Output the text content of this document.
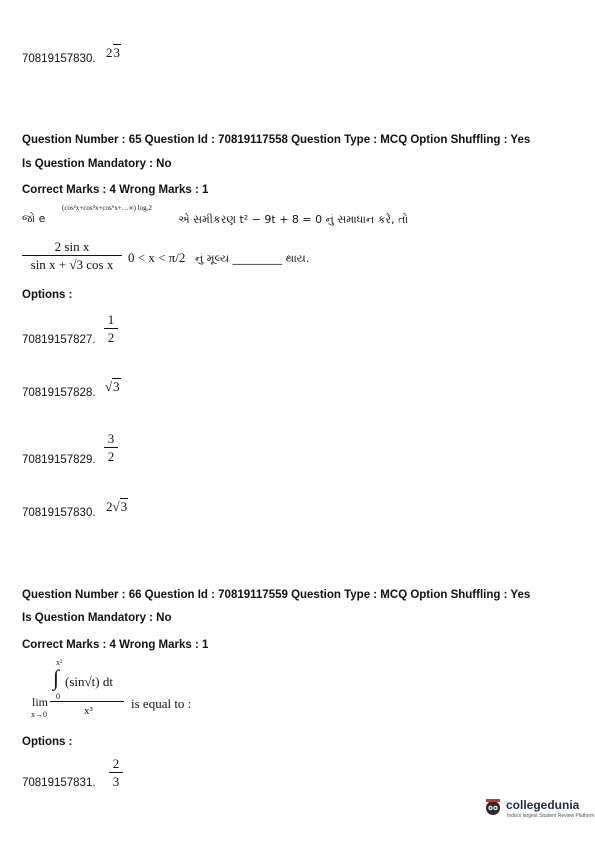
70819157830. 23
Question Number : 65 Question Id : 70819117558 Question Type : MCQ Option Shuffling : Yes
Is Question Mandatory : No
Correct Marks : 4 Wrong Marks : 1
જો e
(cos²x+cos⁴x+cos⁶x+…∞) logₑ2
એ સમીકરણ t² − 9t + 8 = 0 નું સમાધાન કરે, તો
2 sin x
sin x + √3 cos x	0 < x < π/2 નું મૂલ્ય _________ થાય.
Options :
70819157827.
1
2
70819157828. √3
70819157829.
3
2
70819157830. 2√3
Question Number : 66 Question Id : 70819117559 Question Type : MCQ Option Shuffling : Yes
Is Question Mandatory : No
Correct Marks : 4 Wrong Marks : 1
x²
∫ (sin√t) dt
0
x³
lim
x→0
is equal to :
Options :
70819157831.
2
3
collegedunia
India's largest Student Review Platform
